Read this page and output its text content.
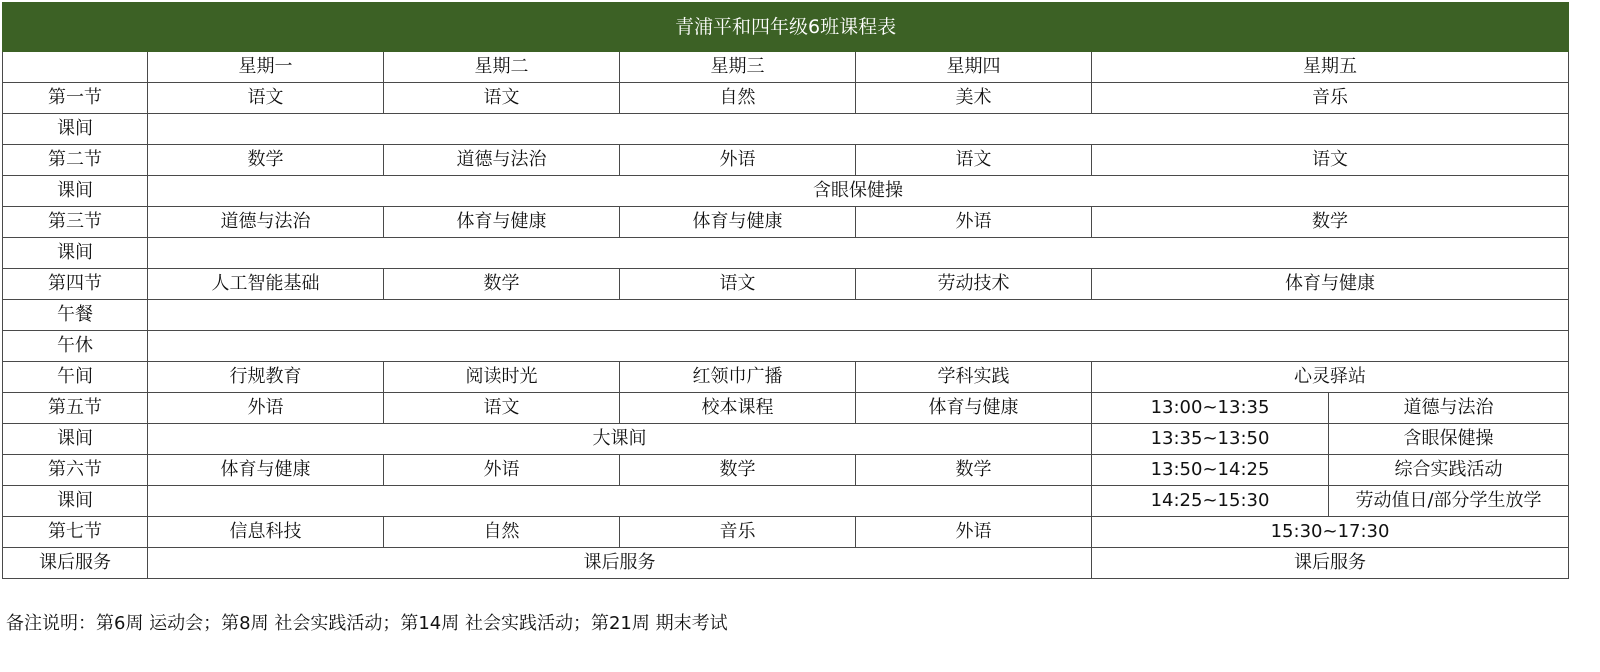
青浦平和四年级6班课程表						
	星期一	星期二	星期三	星期四	星期五	
第一节	语文	语文	自然	美术	音乐	
课间						
第二节	数学	道德与法治	外语	语文	语文	
课间	含眼保健操					
第三节	道德与法治	体育与健康	体育与健康	外语	数学	
课间						
第四节	人工智能基础	数学	语文	劳动技术	体育与健康	
午餐						
午休						
午间	行规教育	阅读时光	红领巾广播	学科实践	心灵驿站	
第五节	外语	语文	校本课程	体育与健康	13:00~13:35	道德与法治
课间	大课间				13:35~13:50	含眼保健操
第六节	体育与健康	外语	数学	数学	13:50~14:25	综合实践活动
课间					14:25~15:30	劳动值日/部分学生放学
第七节	信息科技	自然	音乐	外语	15:30~17:30	
课后服务	课后服务				课后服务	
备注说明：第6周 运动会；第8周 社会实践活动；第14周 社会实践活动；第21周 期末考试
